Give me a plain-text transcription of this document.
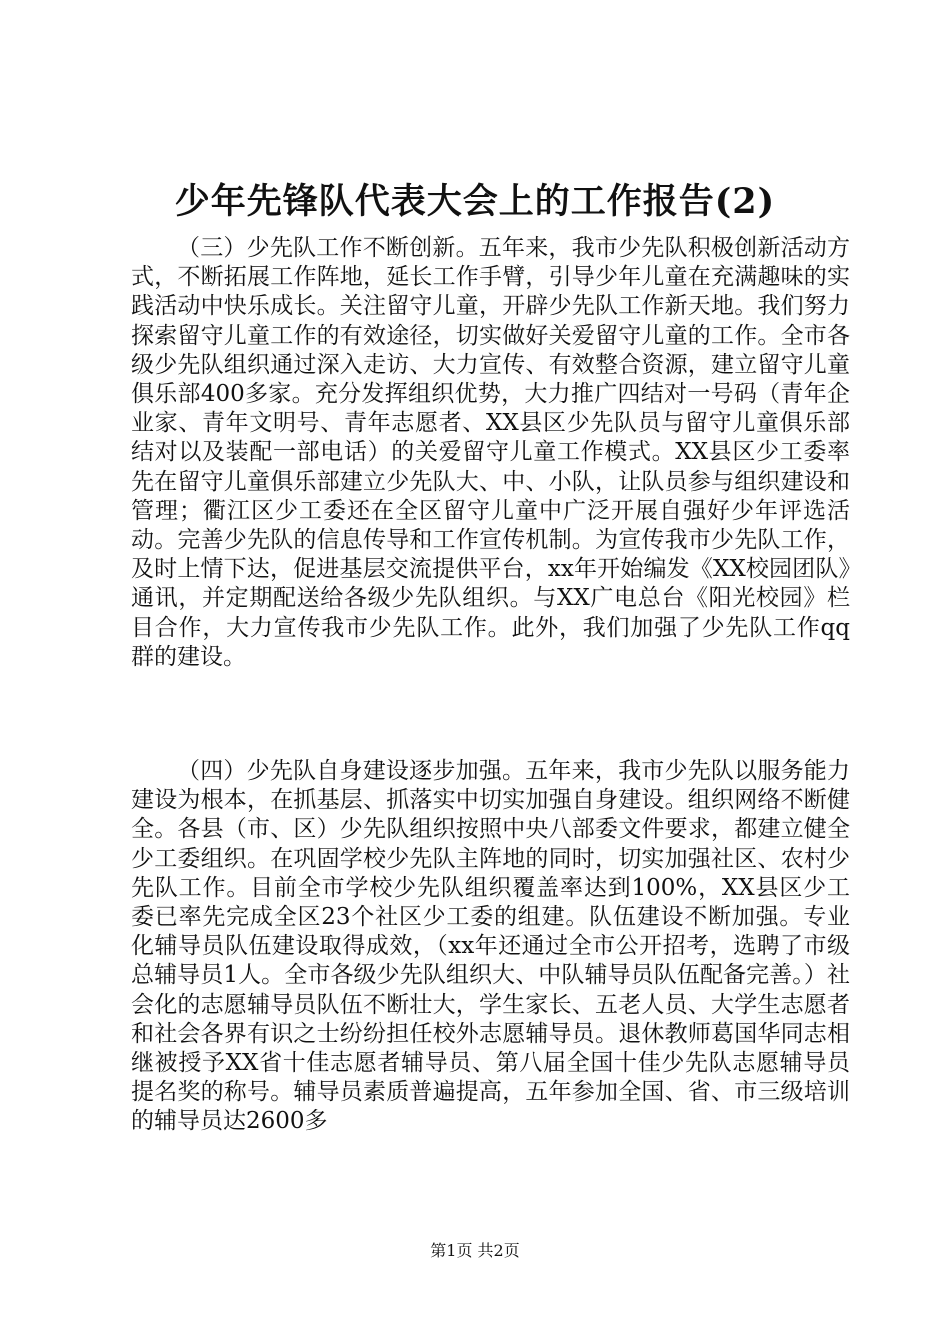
少年先锋队代表大会上的工作报告(2)

（三）少先队工作不断创新。五年来，我市少先队积极创新活动方式，不断拓展工作阵地，延长工作手臂，引导少年儿童在充满趣味的实践活动中快乐成长。关注留守儿童，开辟少先队工作新天地。我们努力探索留守儿童工作的有效途径，切实做好关爱留守儿童的工作。全市各级少先队组织通过深入走访、大力宣传、有效整合资源，建立留守儿童俱乐部400多家。充分发挥组织优势，大力推广四结对一号码（青年企业家、青年文明号、青年志愿者、XX县区少先队员与留守儿童俱乐部结对以及装配一部电话）的关爱留守儿童工作模式。XX县区少工委率先在留守儿童俱乐部建立少先队大、中、小队，让队员参与组织建设和管理；衢江区少工委还在全区留守儿童中广泛开展自强好少年评选活动。完善少先队的信息传导和工作宣传机制。为宣传我市少先队工作，及时上情下达，促进基层交流提供平台，xx年开始编发《XX校园团队》通讯，并定期配送给各级少先队组织。与XX广电总台《阳光校园》栏目合作，大力宣传我市少先队工作。此外，我们加强了少先队工作qq群的建设。

（四）少先队自身建设逐步加强。五年来，我市少先队以服务能力建设为根本，在抓基层、抓落实中切实加强自身建设。组织网络不断健全。各县（市、区）少先队组织按照中央八部委文件要求，都建立健全少工委组织。在巩固学校少先队主阵地的同时，切实加强社区、农村少先队工作。目前全市学校少先队组织覆盖率达到100%，XX县区少工委已率先完成全区23个社区少工委的组建。队伍建设不断加强。专业化辅导员队伍建设取得成效，（xx年还通过全市公开招考，选聘了市级总辅导员1人。全市各级少先队组织大、中队辅导员队伍配备完善。）社会化的志愿辅导员队伍不断壮大，学生家长、五老人员、大学生志愿者和社会各界有识之士纷纷担任校外志愿辅导员。退休教师葛国华同志相继被授予XX省十佳志愿者辅导员、第八届全国十佳少先队志愿辅导员提名奖的称号。辅导员素质普遍提高，五年参加全国、省、市三级培训的辅导员达2600多

第1页 共2页
